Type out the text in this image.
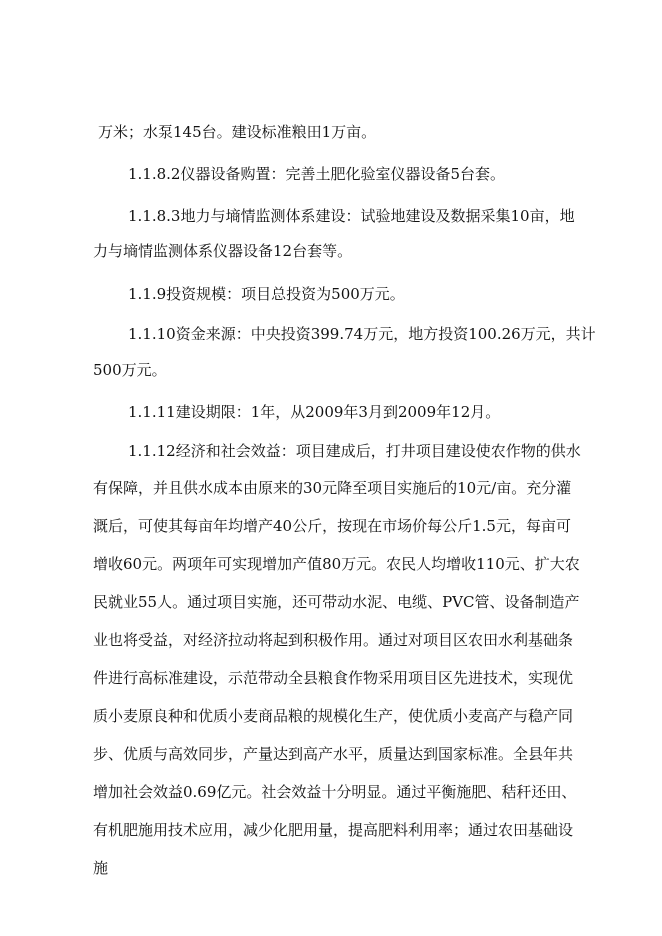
万米；水泵145台。建设标准粮田1万亩。

1.1.8.2仪器设备购置：完善土肥化验室仪器设备5台套。

1.1.8.3地力与墒情监测体系建设：试验地建设及数据采集10亩，地

力与墒情监测体系仪器设备12台套等。

1.1.9投资规模：项目总投资为500万元。

1.1.10资金来源：中央投资399.74万元，地方投资100.26万元，共计

500万元。

1.1.11建设期限：1年，从2009年3月到2009年12月。

1.1.12经济和社会效益：项目建成后，打井项目建设使农作物的供水

有保障，并且供水成本由原来的30元降至项目实施后的10元/亩。充分灌

溉后，可使其每亩年均增产40公斤，按现在市场价每公斤1.5元，每亩可

增收60元。两项年可实现增加产值80万元。农民人均增收110元、扩大农

民就业55人。通过项目实施，还可带动水泥、电缆、PVC管、设备制造产

业也将受益，对经济拉动将起到积极作用。通过对项目区农田水利基础条

件进行高标准建设，示范带动全县粮食作物采用项目区先进技术，实现优

质小麦原良种和优质小麦商品粮的规模化生产，使优质小麦高产与稳产同

步、优质与高效同步，产量达到高产水平，质量达到国家标准。全县年共

增加社会效益0.69亿元。社会效益十分明显。通过平衡施肥、秸秆还田、

有机肥施用技术应用，减少化肥用量，提高肥料利用率；通过农田基础设

施
